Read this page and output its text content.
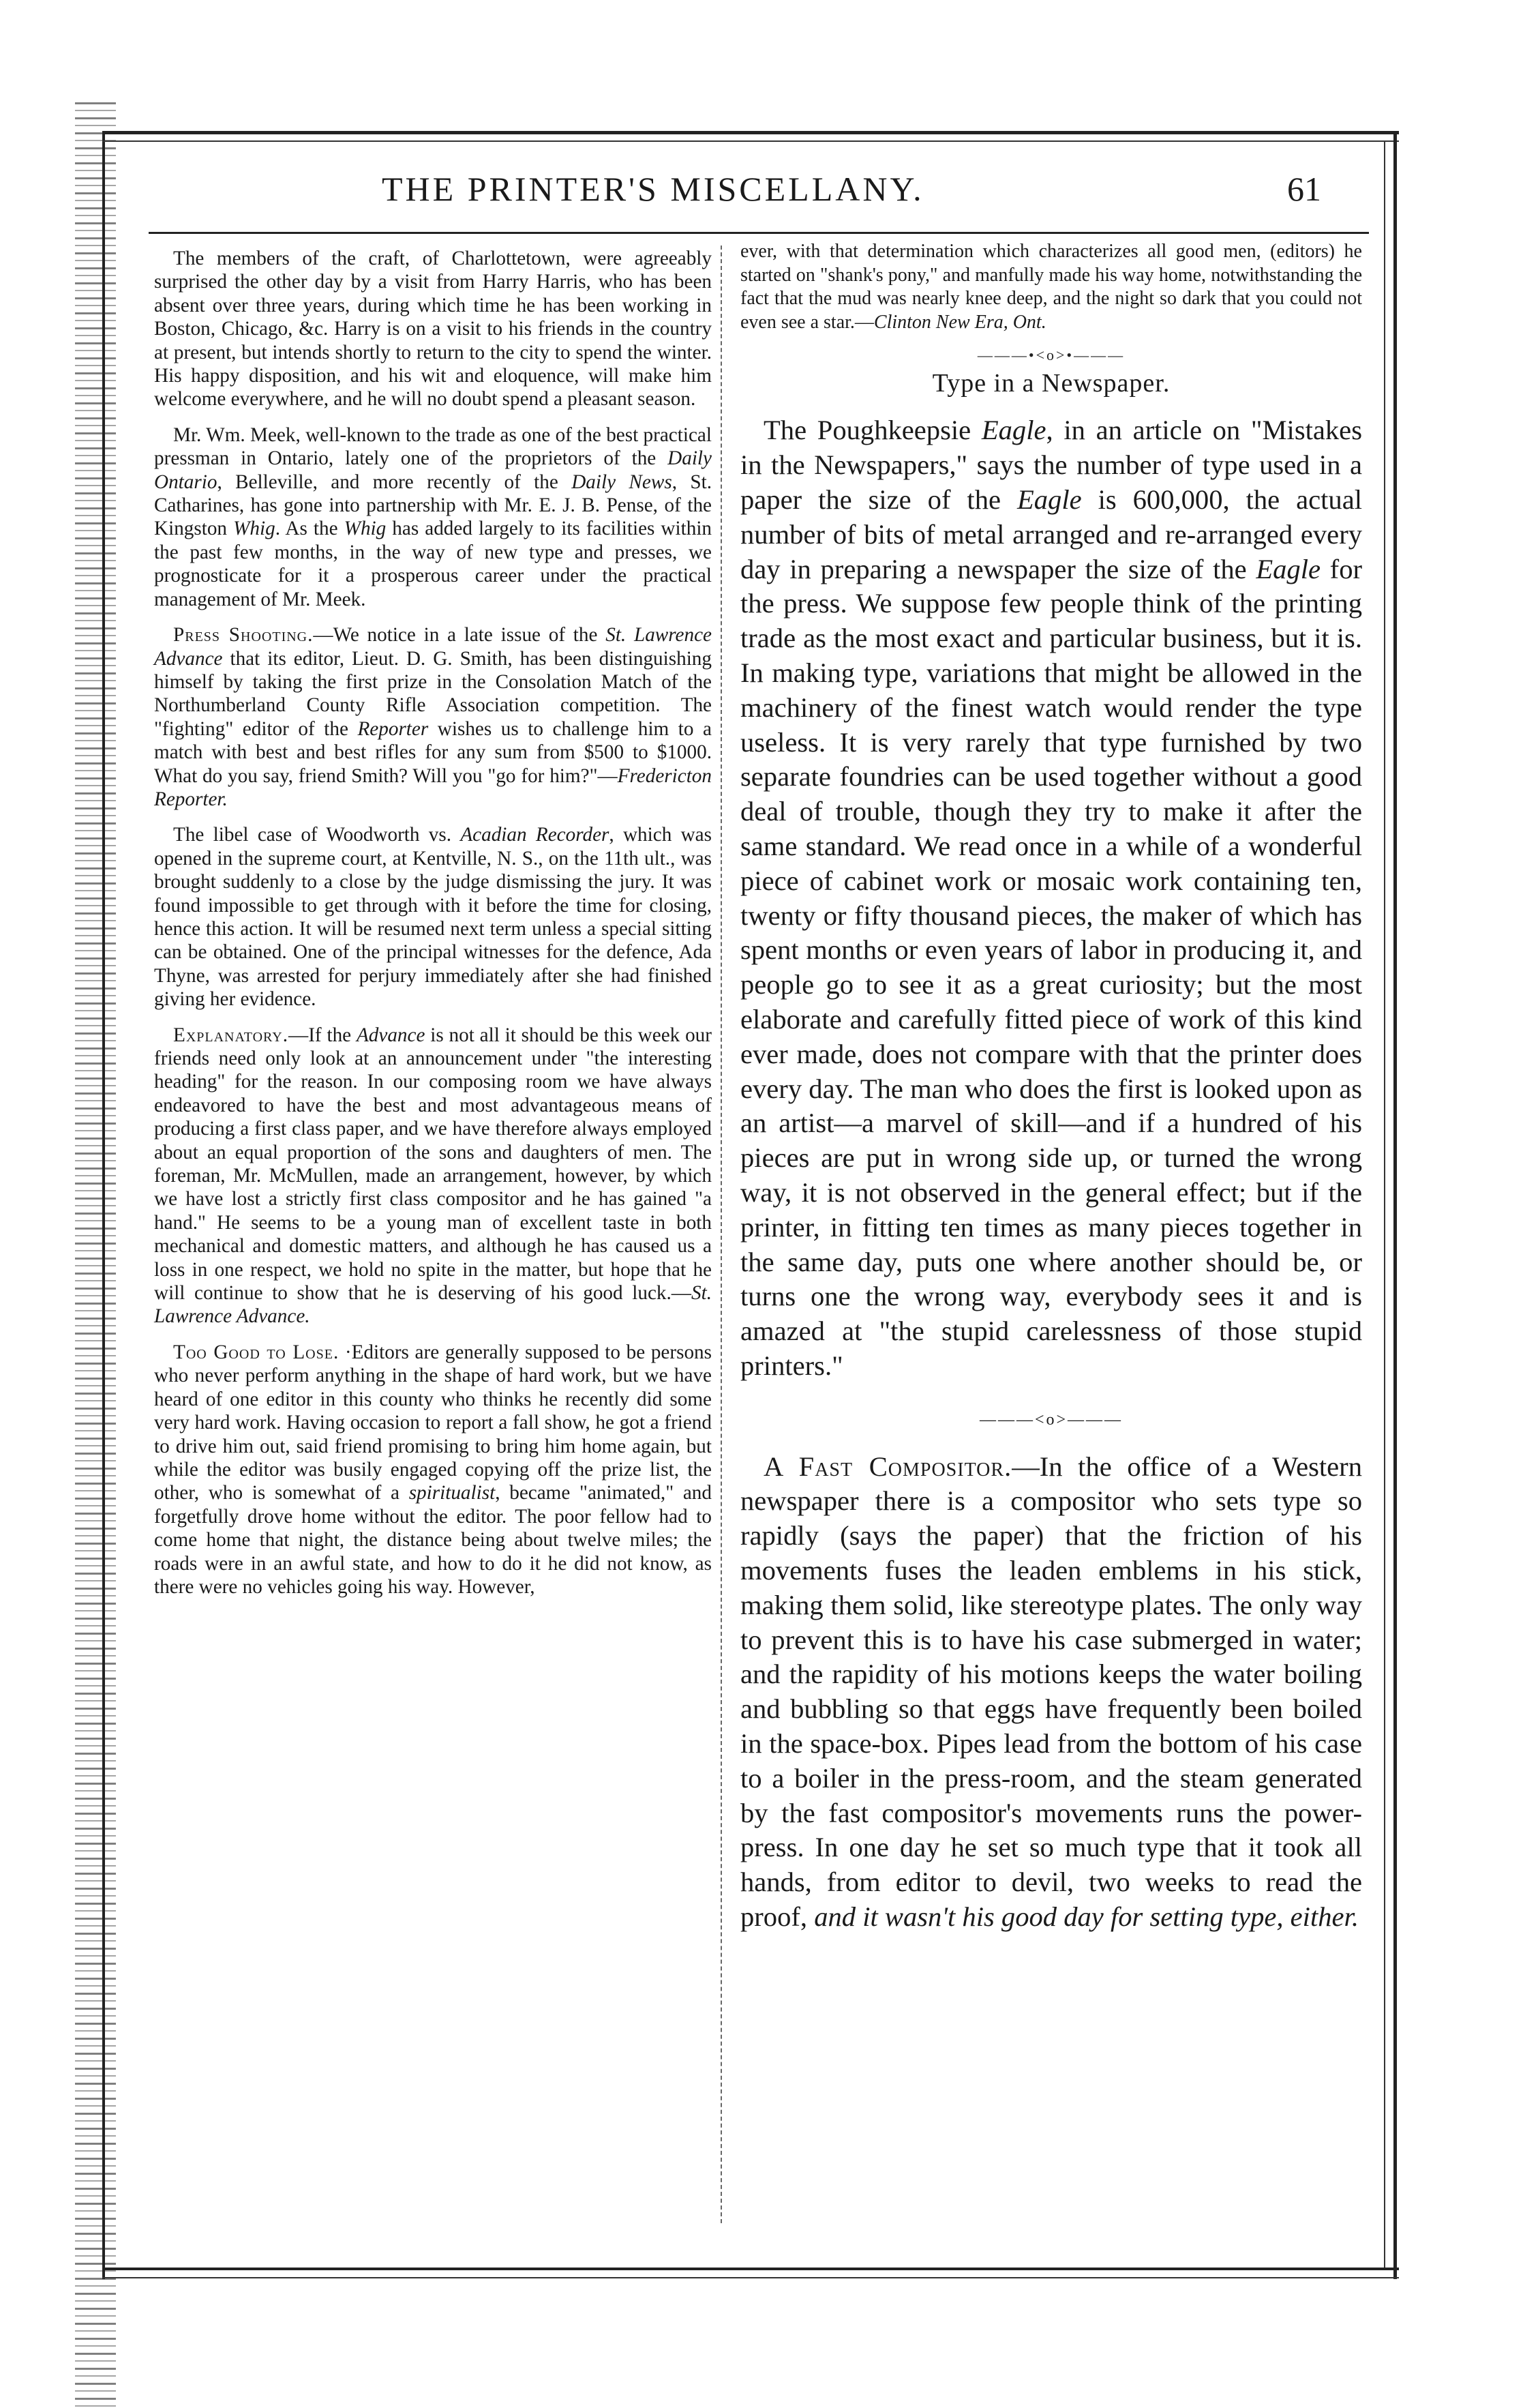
THE PRINTER'S MISCELLANY.	61

The members of the craft, of Charlottetown, were agreeably surprised the other day by a visit from Harry Harris, who has been absent over three years, during which time he has been working in Boston, Chicago, &c. Harry is on a visit to his friends in the country at present, but intends shortly to return to the city to spend the winter. His happy disposition, and his wit and eloquence, will make him welcome everywhere, and he will no doubt spend a pleasant season.

Mr. Wm. Meek, well-known to the trade as one of the best practical pressman in Ontario, lately one of the proprietors of the Daily Ontario, Belleville, and more recently of the Daily News, St. Catharines, has gone into partnership with Mr. E. J. B. Pense, of the Kingston Whig. As the Whig has added largely to its facilities within the past few months, in the way of new type and presses, we prognosticate for it a prosperous career under the practical management of Mr. Meek.

Press Shooting.—We notice in a late issue of the St. Lawrence Advance that its editor, Lieut. D. G. Smith, has been distinguishing himself by taking the first prize in the Consolation Match of the Northumberland County Rifle Association competition. The "fighting" editor of the Reporter wishes us to challenge him to a match with best and best rifles for any sum from $500 to $1000. What do you say, friend Smith? Will you "go for him?"—Fredericton Reporter.

The libel case of Woodworth vs. Acadian Recorder, which was opened in the supreme court, at Kentville, N. S., on the 11th ult., was brought suddenly to a close by the judge dismissing the jury. It was found impossible to get through with it before the time for closing, hence this action. It will be resumed next term unless a special sitting can be obtained. One of the principal witnesses for the defence, Ada Thyne, was arrested for perjury immediately after she had finished giving her evidence.

Explanatory.—If the Advance is not all it should be this week our friends need only look at an announcement under "the interesting heading" for the reason. In our composing room we have always endeavored to have the best and most advantageous means of producing a first class paper, and we have therefore always employed about an equal proportion of the sons and daughters of men. The foreman, Mr. McMullen, made an arrangement, however, by which we have lost a strictly first class compositor and he has gained "a hand." He seems to be a young man of excellent taste in both mechanical and domestic matters, and although he has caused us a loss in one respect, we hold no spite in the matter, but hope that he will continue to show that he is deserving of his good luck.—St. Lawrence Advance.

Too Good to Lose. ·Editors are generally supposed to be persons who never perform anything in the shape of hard work, but we have heard of one editor in this county who thinks he recently did some very hard work. Having occasion to report a fall show, he got a friend to drive him out, said friend promising to bring him home again, but while the editor was busily engaged copying off the prize list, the other, who is somewhat of a spiritualist, became "animated," and forgetfully drove home without the editor. The poor fellow had to come home that night, the distance being about twelve miles; the roads were in an awful state, and how to do it he did not know, as there were no vehicles going his way. However,

ever, with that determination which characterizes all good men, (editors) he started on "shank's pony," and manfully made his way home, notwithstanding the fact that the mud was nearly knee deep, and the night so dark that you could not even see a star.—Clinton New Era, Ont.

———•<o>•———
Type in a Newspaper.

The Poughkeepsie Eagle, in an article on "Mistakes in the Newspapers," says the number of type used in a paper the size of the Eagle is 600,000, the actual number of bits of metal arranged and re-arranged every day in preparing a newspaper the size of the Eagle for the press. We suppose few people think of the printing trade as the most exact and particular business, but it is. In making type, variations that might be allowed in the machinery of the finest watch would render the type useless. It is very rarely that type furnished by two separate foundries can be used together without a good deal of trouble, though they try to make it after the same standard. We read once in a while of a wonderful piece of cabinet work or mosaic work containing ten, twenty or fifty thousand pieces, the maker of which has spent months or even years of labor in producing it, and people go to see it as a great curiosity; but the most elaborate and carefully fitted piece of work of this kind ever made, does not compare with that the printer does every day. The man who does the first is looked upon as an artist—a marvel of skill—and if a hundred of his pieces are put in wrong side up, or turned the wrong way, it is not observed in the general effect; but if the printer, in fitting ten times as many pieces together in the same day, puts one where another should be, or turns one the wrong way, everybody sees it and is amazed at "the stupid carelessness of those stupid printers."

———<o>———

A Fast Compositor.—In the office of a Western newspaper there is a compositor who sets type so rapidly (says the paper) that the friction of his movements fuses the leaden emblems in his stick, making them solid, like stereotype plates. The only way to prevent this is to have his case submerged in water; and the rapidity of his motions keeps the water boiling and bubbling so that eggs have frequently been boiled in the space-box. Pipes lead from the bottom of his case to a boiler in the press-room, and the steam generated by the fast compositor's movements runs the power-press. In one day he set so much type that it took all hands, from editor to devil, two weeks to read the proof, and it wasn't his good day for setting type, either.
